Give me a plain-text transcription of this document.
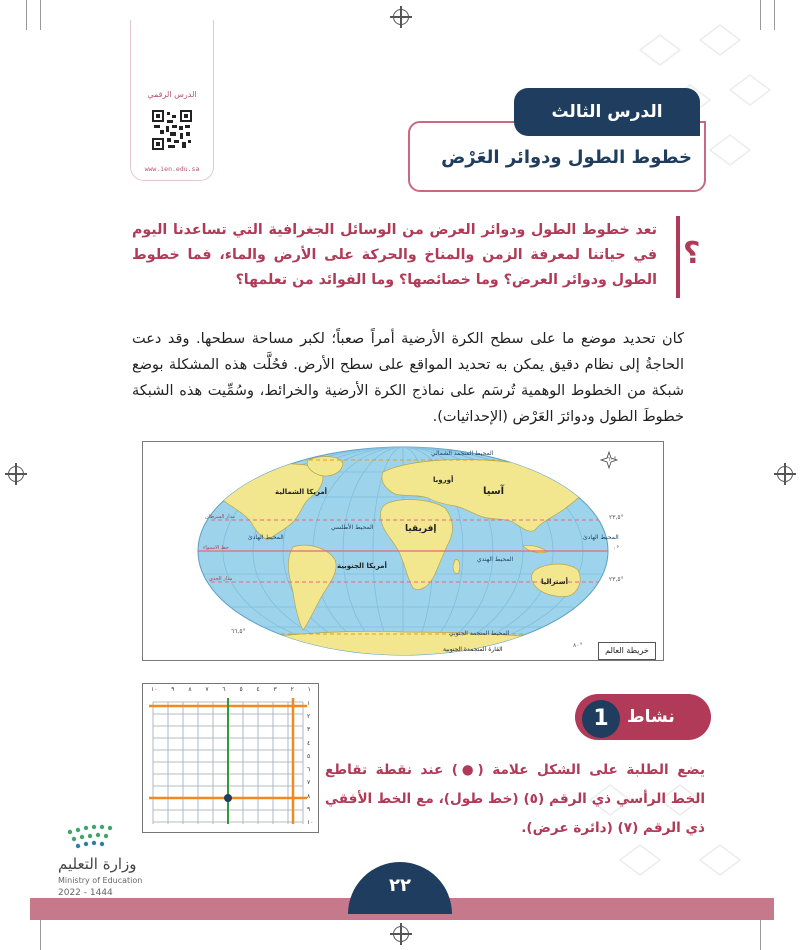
الدرس الرقمي
www.ien.edu.sa
الدرس الثالث
خطوط الطول ودوائر العَرْض
؟
تعد خطوط الطول ودوائر العرض من الوسائل الجغرافية التي تساعدنا اليوم في حياتنا لمعرفة الزمن والمناخ والحركة على الأرض والماء، فما خطوط الطول ودوائر العرض؟ وما خصائصها؟ وما الفوائد من تعلمها؟
كان تحديد موضع ما على سطح الكرة الأرضية أمراً صعباً؛ لكبر مساحة سطحها. وقد دعت الحاجةُ إلى نظام دقيق يمكن به تحديد المواقع على سطح الأرض. فحُلَّت هذه المشكلة بوضع شبكة من الخطوط الوهمية تُرسَم على نماذج الكرة الأرضية والخرائط، وسُمِّيت هذه الشبكة خطوطَ الطول ودوائرَ العَرْض (الإحداثيات).
المحيط المتجمد الشمالي
أوروبا
آسيا
أمريكا الشمالية
إفريقيا
المحيط الأطلسي
المحيط الهادئ	المحيط الهادئ
المحيط الهندي
أمريكا الجنوبية
أستراليا
المحيط المتجمد الجنوبي
القارة المتجمدة الجنوبية
مدار السرطان
خط الاستواء
مدار الجدي
٦٠°
٢٣,٥°
٠°
٢٣,٥°
٦٦,٥°
٨٠°
خريطة العالم
١٠ ٩ ٨ ٧ ٦ ٥ ٤ ٣ ٢ ١
١
٢
٣
٤
٥
٦
٧
٨
٩
١٠
نشاط
1
يضع الطلبة على الشكل علامة (●) عند نقطة تقاطع الخط الرأسي ذي الرقم (٥) (خط طول)، مع الخط الأفقي ذي الرقم (٧) (دائرة عرض).
وزارة التعليم
Ministry of Education
2022 - 1444	٢٢
